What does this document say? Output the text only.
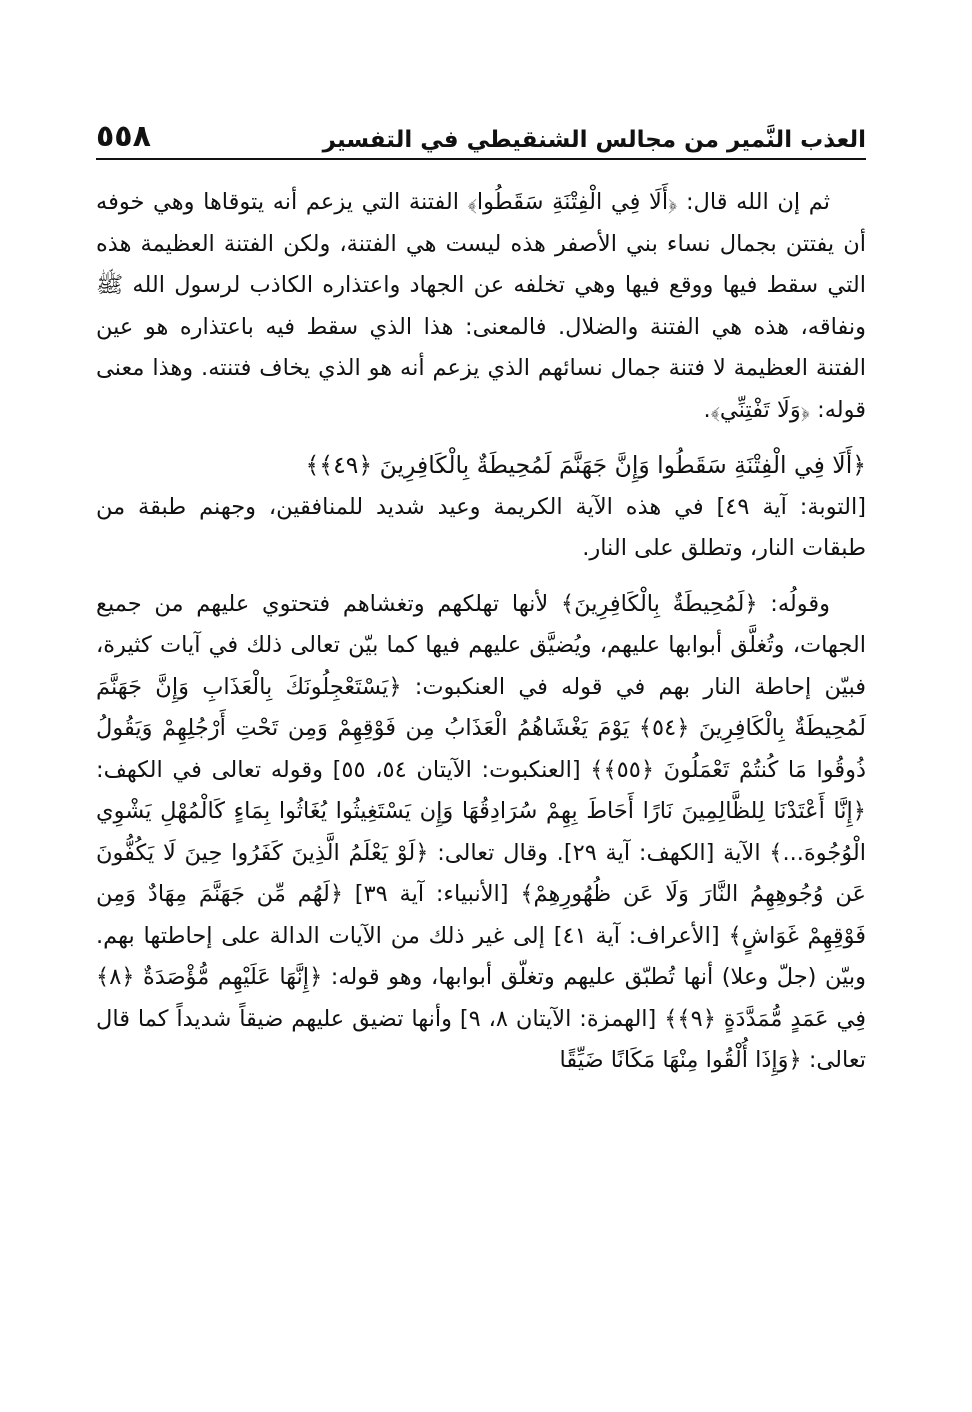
العذب النَّمير من مجالس الشنقيطي في التفسير
٥٥٨

ثم إن الله قال: ﴿أَلَا فِي الْفِتْنَةِ سَقَطُوا﴾ الفتنة التي يزعم أنه يتوقاها وهي خوفه أن يفتتن بجمال نساء بني الأصفر هذه ليست هي الفتنة، ولكن الفتنة العظيمة هذه التي سقط فيها ووقع فيها وهي تخلفه عن الجهاد واعتذاره الكاذب لرسول الله ﷺ ونفاقه، هذه هي الفتنة والضلال. فالمعنى: هذا الذي سقط فيه باعتذاره هو عين الفتنة العظيمة لا فتنة جمال نسائهم الذي يزعم أنه هو الذي يخاف فتنته. وهذا معنى قوله: ﴿وَلَا تَفْتِنِّي﴾.

﴿أَلَا فِي الْفِتْنَةِ سَقَطُوا وَإِنَّ جَهَنَّمَ لَمُحِيطَةٌ بِالْكَافِرِينَ ﴿٤٩﴾﴾

[التوبة: آية ٤٩] في هذه الآية الكريمة وعيد شديد للمنافقين، وجهنم طبقة من طبقات النار، وتطلق على النار.

وقولُه: ﴿لَمُحِيطَةٌ بِالْكَافِرِينَ﴾ لأنها تهلكهم وتغشاهم فتحتوي عليهم من جميع الجهات، وتُغلَّق أبوابها عليهم، ويُضيَّق عليهم فيها كما بيّن تعالى ذلك في آيات كثيرة، فبيّن إحاطة النار بهم في قوله في العنكبوت: ﴿يَسْتَعْجِلُونَكَ بِالْعَذَابِ وَإِنَّ جَهَنَّمَ لَمُحِيطَةٌ بِالْكَافِرِينَ ﴿٥٤﴾ يَوْمَ يَغْشَاهُمُ الْعَذَابُ مِن فَوْقِهِمْ وَمِن تَحْتِ أَرْجُلِهِمْ وَيَقُولُ ذُوقُوا مَا كُنتُمْ تَعْمَلُونَ ﴿٥٥﴾﴾ [العنكبوت: الآيتان ٥٤، ٥٥] وقوله تعالى في الكهف: ﴿إِنَّا أَعْتَدْنَا لِلظَّالِمِينَ نَارًا أَحَاطَ بِهِمْ سُرَادِقُهَا وَإِن يَسْتَغِيثُوا يُغَاثُوا بِمَاءٍ كَالْمُهْلِ يَشْوِي الْوُجُوهَ...﴾ الآية [الكهف: آية ٢٩]. وقال تعالى: ﴿لَوْ يَعْلَمُ الَّذِينَ كَفَرُوا حِينَ لَا يَكُفُّونَ عَن وُجُوهِهِمُ النَّارَ وَلَا عَن ظُهُورِهِمْ﴾ [الأنبياء: آية ٣٩] ﴿لَهُم مِّن جَهَنَّمَ مِهَادٌ وَمِن فَوْقِهِمْ غَوَاشٍ﴾ [الأعراف: آية ٤١] إلى غير ذلك من الآيات الدالة على إحاطتها بهم. وبيّن (جلّ وعلا) أنها تُطبّق عليهم وتغلّق أبوابها، وهو قوله: ﴿إِنَّهَا عَلَيْهِم مُّؤْصَدَةٌ ﴿٨﴾ فِي عَمَدٍ مُّمَدَّدَةٍ ﴿٩﴾﴾ [الهمزة: الآيتان ٨، ٩] وأنها تضيق عليهم ضيقاً شديداً كما قال تعالى: ﴿وَإِذَا أُلْقُوا مِنْهَا مَكَانًا ضَيِّقًا
